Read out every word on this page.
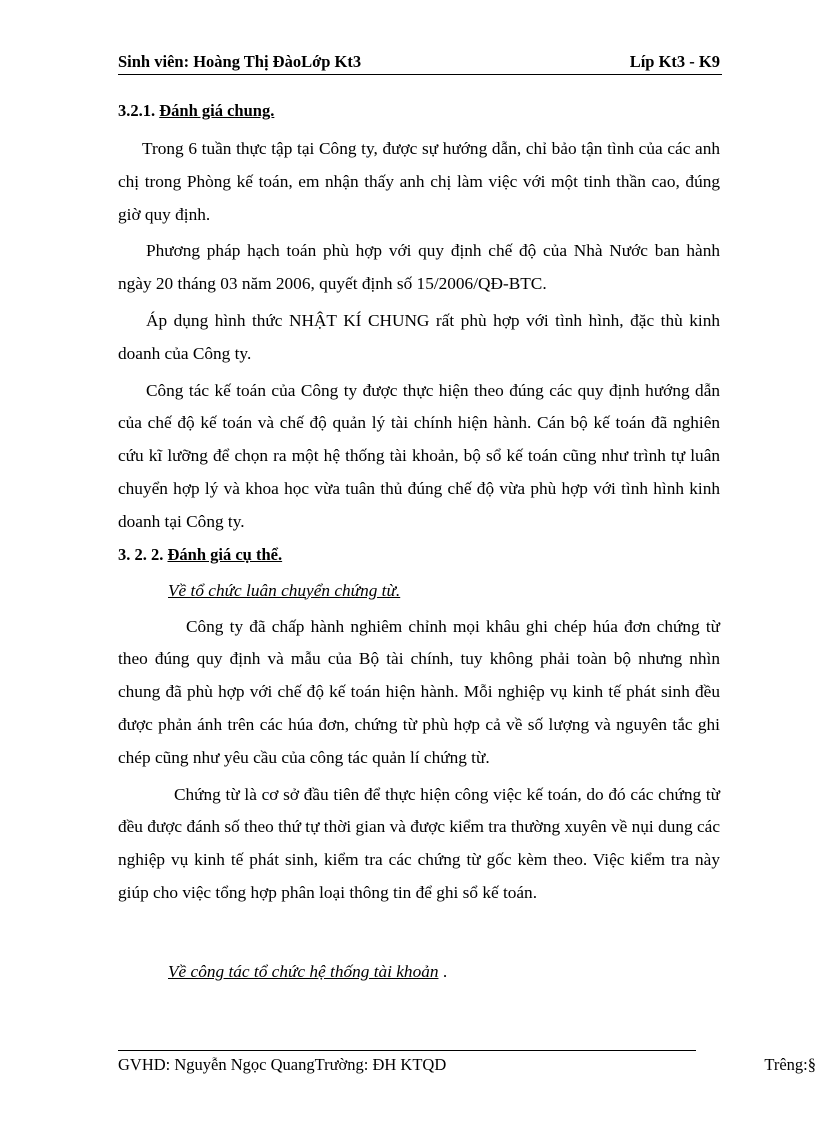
Sinh viên: Hoàng Thị ĐàoLớp Kt3	Líp Kt3 - K9
3.2.1. Đánh giá chung.

Trong 6 tuần thực tập tại Công ty, được sự hướng dẫn, chỉ bảo tận tình của các anh chị trong Phòng kế toán, em nhận thấy anh chị làm việc với một tinh thần cao, đúng giờ quy định.

Phương pháp hạch toán phù hợp với quy định chế độ của Nhà Nước ban hành ngày 20 tháng 03 năm 2006, quyết định số 15/2006/QĐ-BTC.

Áp dụng hình thức NHẬT KÍ CHUNG rất phù hợp với tình hình, đặc thù kinh doanh của Công ty.

Công tác kế toán của Công ty được thực hiện theo đúng các quy định hướng dẫn của chế độ kế toán và chế độ quản lý tài chính hiện hành. Cán bộ kế toán đã nghiên cứu kĩ lưỡng để chọn ra một hệ thống tài khoản, bộ sổ kế toán cũng như trình tự luân chuyển hợp lý và khoa học vừa tuân thủ đúng chế độ vừa phù hợp với tình hình kinh doanh tại Công ty.

3. 2. 2. Đánh giá cụ thể.
Về tổ chức luân chuyển chứng từ.

Công ty đã chấp hành nghiêm chỉnh mọi khâu ghi chép húa đơn chứng từ theo đúng quy định và mẫu của Bộ tài chính, tuy không phải toàn bộ nhưng nhìn chung đã phù hợp với chế độ kế toán hiện hành. Mỗi nghiệp vụ kinh tế phát sinh đều được phản ánh trên các húa đơn, chứng từ phù hợp cả về số lượng và nguyên tắc ghi chép cũng như yêu cầu của công tác quản lí chứng từ.

Chứng từ là cơ sở đầu tiên để thực hiện công việc kế toán, do đó các chứng từ đều được đánh số theo thứ tự thời gian và được kiểm tra thường xuyên về nụi dung các nghiệp vụ kinh tế phát sinh, kiểm tra các chứng từ gốc kèm theo. Việc kiểm tra này giúp cho việc tổng hợp phân loại thông tin để ghi sổ kế toán.

Về công tác tổ chức hệ thống tài khoản .
GVHD: Nguyễn Ngọc QuangTrường: ĐH KTQD	Trêng:§
